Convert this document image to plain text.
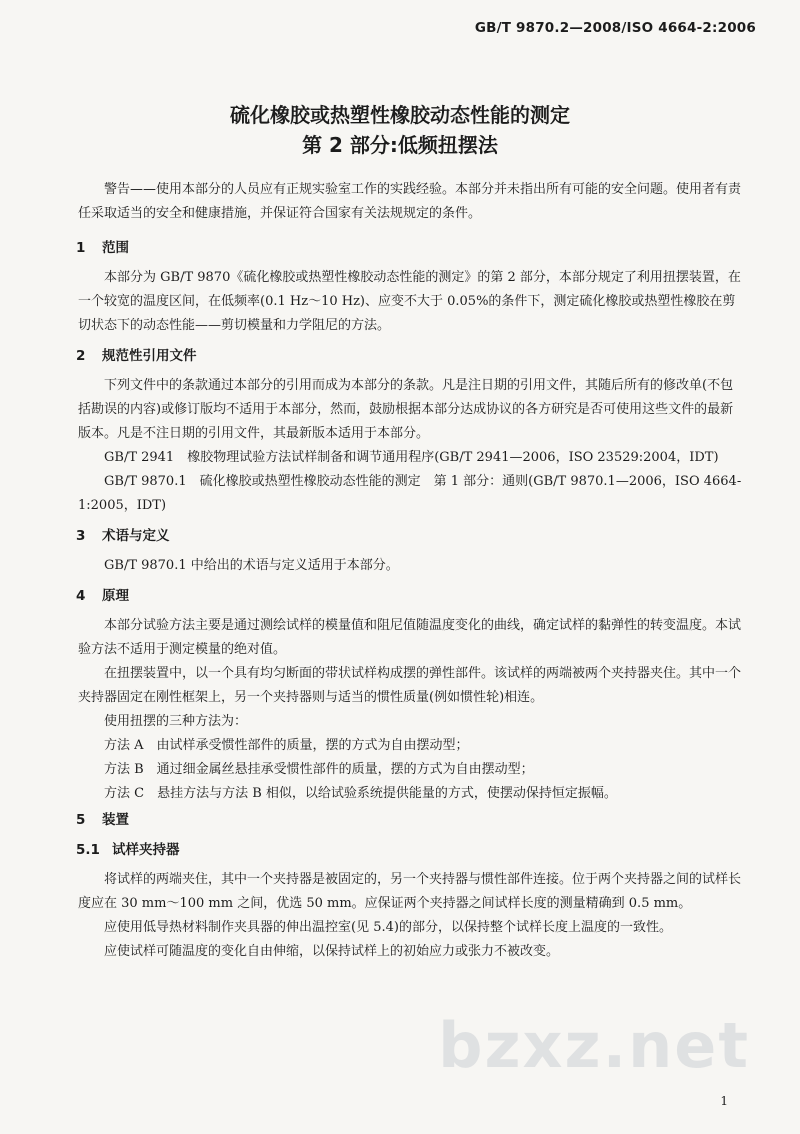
GB/T 9870.2—2008/ISO 4664-2:2006
硫化橡胶或热塑性橡胶动态性能的测定
第 2 部分:低频扭摆法

警告——使用本部分的人员应有正规实验室工作的实践经验。本部分并未指出所有可能的安全问题。使用者有责任采取适当的安全和健康措施，并保证符合国家有关法规规定的条件。

1 范围

本部分为 GB/T 9870《硫化橡胶或热塑性橡胶动态性能的测定》的第 2 部分，本部分规定了利用扭摆装置，在一个较宽的温度区间，在低频率(0.1 Hz～10 Hz)、应变不大于 0.05%的条件下，测定硫化橡胶或热塑性橡胶在剪切状态下的动态性能——剪切模量和力学阻尼的方法。

2 规范性引用文件

下列文件中的条款通过本部分的引用而成为本部分的条款。凡是注日期的引用文件，其随后所有的修改单(不包括勘误的内容)或修订版均不适用于本部分，然而，鼓励根据本部分达成协议的各方研究是否可使用这些文件的最新版本。凡是不注日期的引用文件，其最新版本适用于本部分。

GB/T 2941　橡胶物理试验方法试样制备和调节通用程序(GB/T 2941—2006，ISO 23529:2004，IDT)

GB/T 9870.1　硫化橡胶或热塑性橡胶动态性能的测定　第 1 部分：通则(GB/T 9870.1—2006，ISO 4664-1:2005，IDT)

3 术语与定义

GB/T 9870.1 中给出的术语与定义适用于本部分。

4 原理

本部分试验方法主要是通过测绘试样的模量值和阻尼值随温度变化的曲线，确定试样的黏弹性的转变温度。本试验方法不适用于测定模量的绝对值。

在扭摆装置中，以一个具有均匀断面的带状试样构成摆的弹性部件。该试样的两端被两个夹持器夹住。其中一个夹持器固定在刚性框架上，另一个夹持器则与适当的惯性质量(例如惯性轮)相连。

使用扭摆的三种方法为：

方法 A　由试样承受惯性部件的质量，摆的方式为自由摆动型；

方法 B　通过细金属丝悬挂承受惯性部件的质量，摆的方式为自由摆动型；

方法 C　悬挂方法与方法 B 相似，以给试验系统提供能量的方式，使摆动保持恒定振幅。

5 装置
5.1 试样夹持器

将试样的两端夹住，其中一个夹持器是被固定的，另一个夹持器与惯性部件连接。位于两个夹持器之间的试样长度应在 30 mm～100 mm 之间，优选 50 mm。应保证两个夹持器之间试样长度的测量精确到 0.5 mm。

应使用低导热材料制作夹具器的伸出温控室(见 5.4)的部分，以保持整个试样长度上温度的一致性。

应使试样可随温度的变化自由伸缩，以保持试样上的初始应力或张力不被改变。

bzxz.net
1
